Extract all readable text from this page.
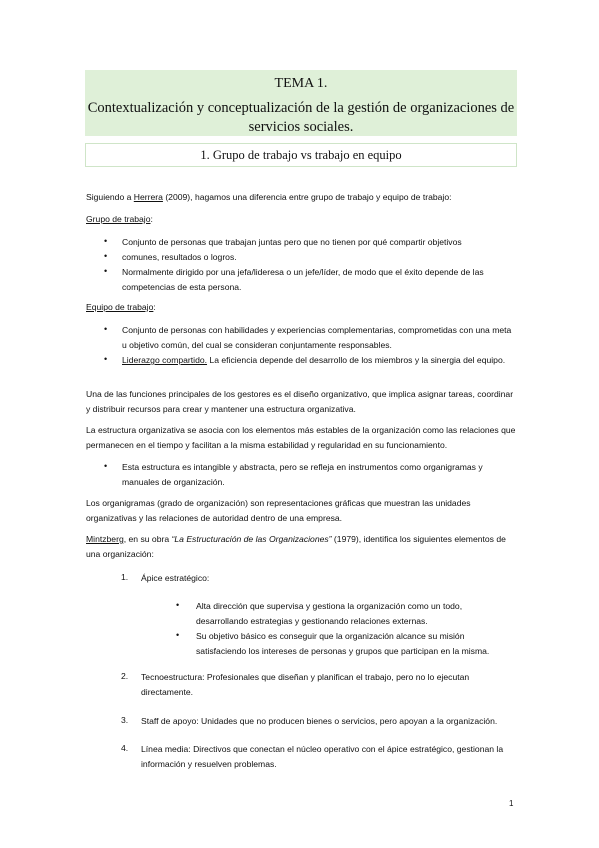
TEMA 1.
Contextualización y conceptualización de la gestión de organizaciones de servicios sociales.
1. Grupo de trabajo vs trabajo en equipo
Siguiendo a Herrera (2009), hagamos una diferencia entre grupo de trabajo y equipo de trabajo:
Grupo de trabajo:
• Conjunto de personas que trabajan juntas pero que no tienen por qué compartir objetivos
• comunes, resultados o logros.
• Normalmente dirigido por una jefa/lideresa o un jefe/líder, de modo que el éxito depende de las competencias de esta persona.
Equipo de trabajo:
• Conjunto de personas con habilidades y experiencias complementarias, comprometidas con una meta u objetivo común, del cual se consideran conjuntamente responsables.
• Liderazgo compartido. La eficiencia depende del desarrollo de los miembros y la sinergia del equipo.
Una de las funciones principales de los gestores es el diseño organizativo, que implica asignar tareas, coordinar y distribuir recursos para crear y mantener una estructura organizativa.
La estructura organizativa se asocia con los elementos más estables de la organización como las relaciones que permanecen en el tiempo y facilitan a la misma estabilidad y regularidad en su funcionamiento.
• Esta estructura es intangible y abstracta, pero se refleja en instrumentos como organigramas y manuales de organización.
Los organigramas (grado de organización) son representaciones gráficas que muestran las unidades organizativas y las relaciones de autoridad dentro de una empresa.
Mintzberg, en su obra “La Estructuración de las Organizaciones” (1979), identifica los siguientes elementos de una organización:
1. Ápice estratégico:
• Alta dirección que supervisa y gestiona la organización como un todo, desarrollando estrategias y gestionando relaciones externas.
• Su objetivo básico es conseguir que la organización alcance su misión satisfaciendo los intereses de personas y grupos que participan en la misma.
2. Tecnoestructura: Profesionales que diseñan y planifican el trabajo, pero no lo ejecutan directamente.
3. Staff de apoyo: Unidades que no producen bienes o servicios, pero apoyan a la organización.
4. Línea media: Directivos que conectan el núcleo operativo con el ápice estratégico, gestionan la información y resuelven problemas.
1
